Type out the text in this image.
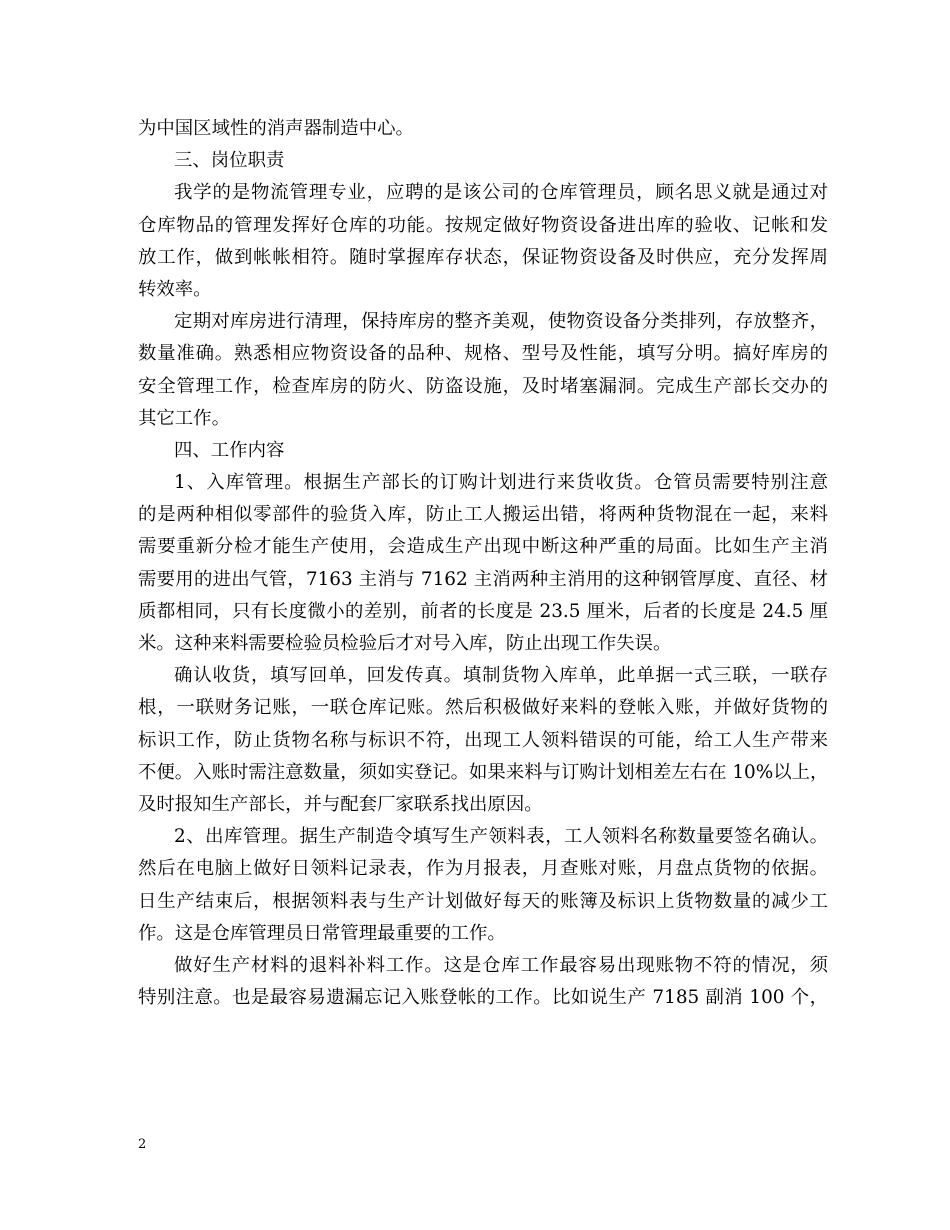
为中国区域性的消声器制造中心。
三、岗位职责
我学的是物流管理专业，应聘的是该公司的仓库管理员，顾名思义就是通过对
仓库物品的管理发挥好仓库的功能。按规定做好物资设备进出库的验收、记帐和发
放工作，做到帐帐相符。随时掌握库存状态，保证物资设备及时供应，充分发挥周
转效率。
定期对库房进行清理，保持库房的整齐美观，使物资设备分类排列，存放整齐，
数量准确。熟悉相应物资设备的品种、规格、型号及性能，填写分明。搞好库房的
安全管理工作，检查库房的防火、防盗设施，及时堵塞漏洞。完成生产部长交办的
其它工作。
四、工作内容
1、入库管理。根据生产部长的订购计划进行来货收货。仓管员需要特别注意
的是两种相似零部件的验货入库，防止工人搬运出错，将两种货物混在一起，来料
需要重新分检才能生产使用，会造成生产出现中断这种严重的局面。比如生产主消
需要用的进出气管，7163 主消与 7162 主消两种主消用的这种钢管厚度、直径、材
质都相同，只有长度微小的差别，前者的长度是 23.5 厘米，后者的长度是 24.5 厘
米。这种来料需要检验员检验后才对号入库，防止出现工作失误。
确认收货，填写回单，回发传真。填制货物入库单，此单据一式三联，一联存
根，一联财务记账，一联仓库记账。然后积极做好来料的登帐入账，并做好货物的
标识工作，防止货物名称与标识不符，出现工人领料错误的可能，给工人生产带来
不便。入账时需注意数量，须如实登记。如果来料与订购计划相差左右在 10%以上，
及时报知生产部长，并与配套厂家联系找出原因。
2、出库管理。据生产制造令填写生产领料表，工人领料名称数量要签名确认。
然后在电脑上做好日领料记录表，作为月报表，月查账对账，月盘点货物的依据。
日生产结束后，根据领料表与生产计划做好每天的账簿及标识上货物数量的减少工
作。这是仓库管理员日常管理最重要的工作。
做好生产材料的退料补料工作。这是仓库工作最容易出现账物不符的情况，须
特别注意。也是最容易遗漏忘记入账登帐的工作。比如说生产 7185 副消 100 个，
2
